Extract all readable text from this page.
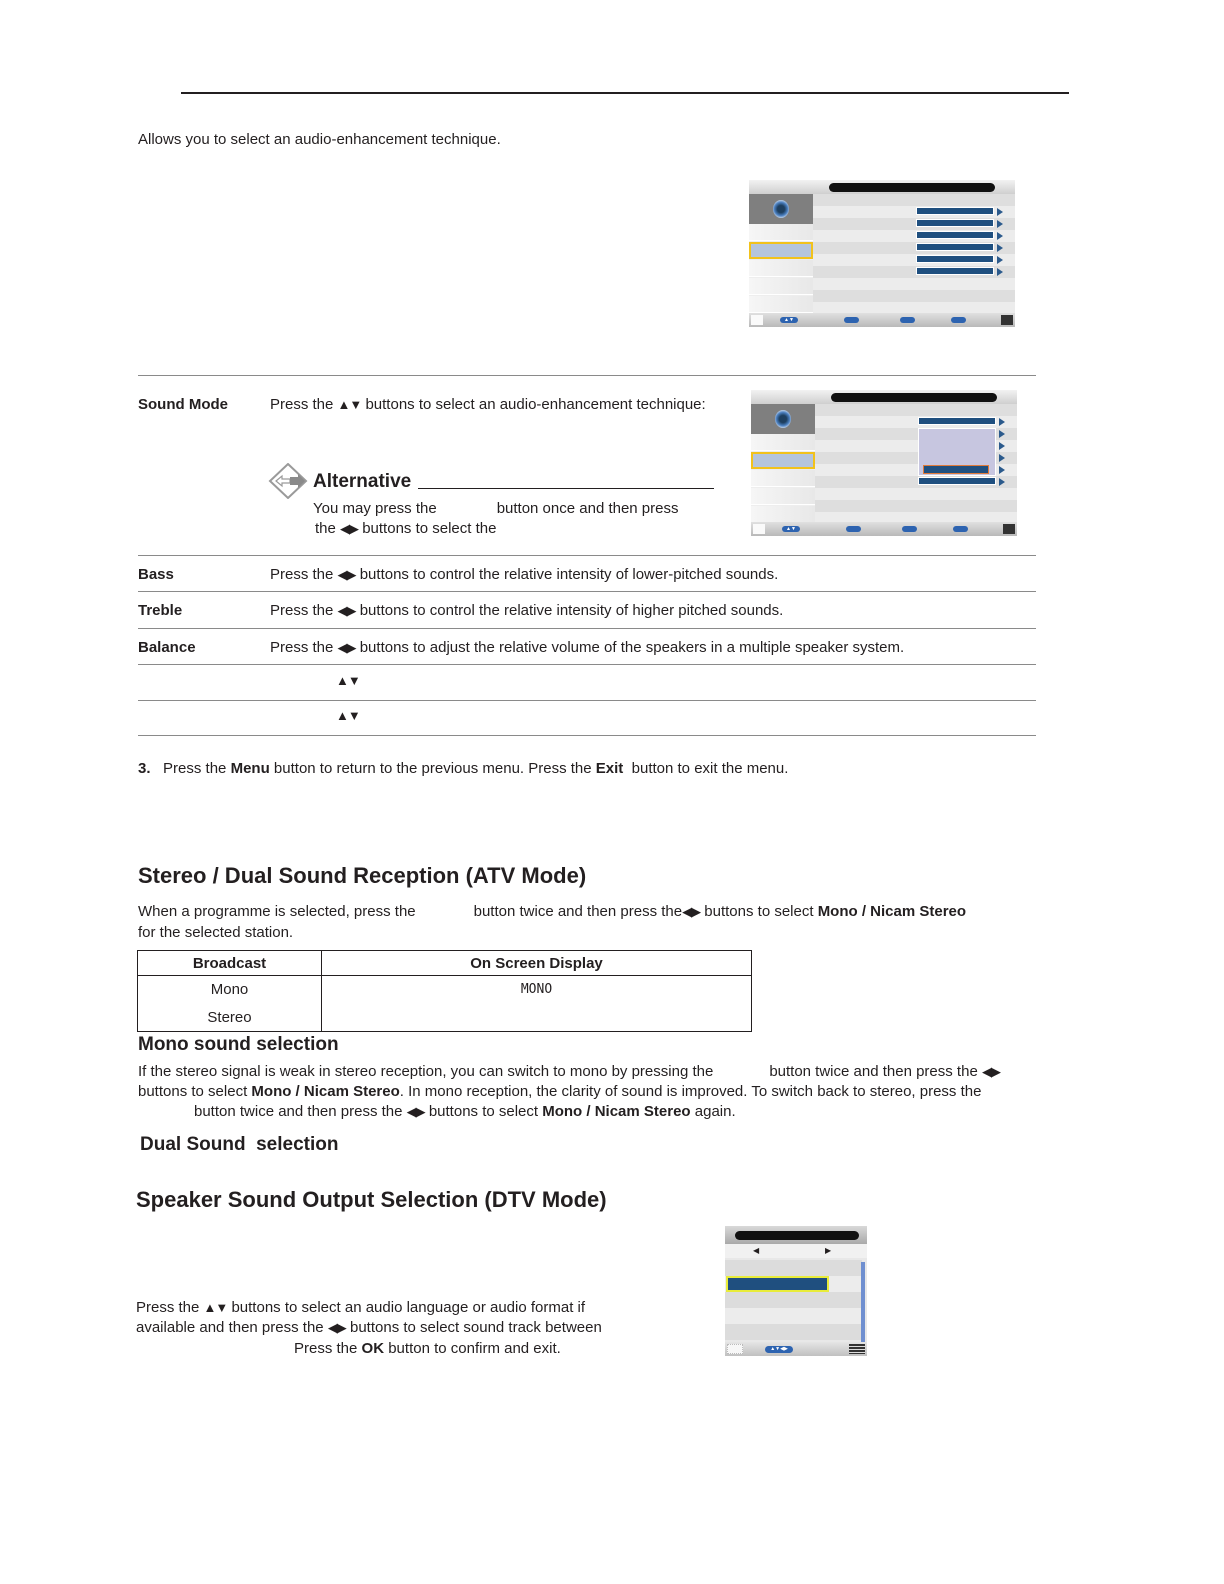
Allows you to select an audio-enhancement technique.
▲▼
Sound Mode	Press the ▲▼ buttons to select an audio-enhancement technique:
▲▼
Alternative
You may press the	button once and then press
the ◀▶ buttons to select the
Bass	Press the ◀▶ buttons to control the relative intensity of lower-pitched sounds.
Treble	Press the ◀▶ buttons to control the relative intensity of higher pitched sounds.
Balance	Press the ◀▶ buttons to adjust the relative volume of the speakers in a multiple speaker system.
▲▼
▲▼
3. Press the Menu button to return to the previous menu. Press the Exit button to exit the menu.
Stereo / Dual Sound Reception (ATV Mode)
When a programme is selected, press the	button twice and then press the◀▶ buttons to select Mono / Nicam Stereo
for the selected station.
Broadcast	On Screen Display
Mono	MONO
Stereo	
Mono sound selection
If the stereo signal is weak in stereo reception, you can switch to mono by pressing the	button twice and then press the ◀▶
buttons to select Mono / Nicam Stereo. In mono reception, the clarity of sound is improved. To switch back to stereo, press the
button twice and then press the ◀▶ buttons to select Mono / Nicam Stereo again.
Dual Sound  selection
Speaker Sound Output Selection (DTV Mode)
Press the ▲▼ buttons to select an audio language or audio format if
available and then press the ◀▶ buttons to select sound track between
Press the OK button to confirm and exit.
◀	▶
▲▼◀▶
